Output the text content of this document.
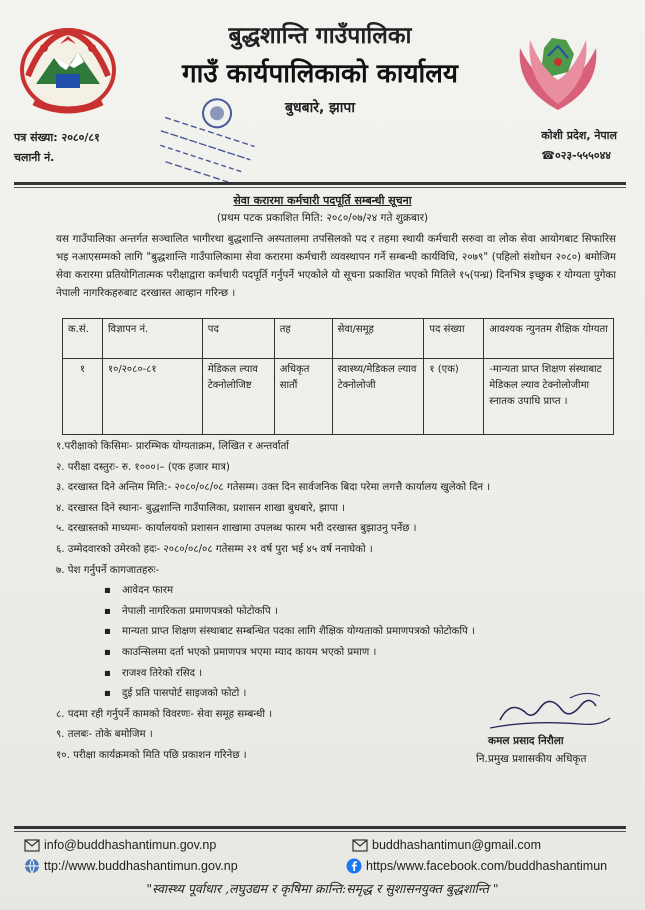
बुद्धशान्ति गाउँपालिका
गाउँ कार्यपालिकाको कार्यालय
बुधबारे, झापा
पत्र संख्या: २०८०/८१
चलानी नं.
कोशी प्रदेश, नेपाल
☎०२३-५५५०४४
सेवा करारमा कर्मचारी पदपूर्ति सम्बन्धी सूचना
(प्रथम पटक प्रकाशित मिति: २०८०/०७/२४ गते शुक्रबार)
यस गाउँपालिका अन्तर्गत सञ्चालित भागीरथा बुद्धशान्ति अस्पतालमा तपसिलको पद र तहमा स्थायी कर्मचारी सरुवा वा लोक सेवा आयोगबाट सिफारिस भइ नआएसम्मको लागि "बुद्धशान्ति गाउँपालिकामा सेवा करारमा कर्मचारी व्यवस्थापन गर्ने सम्बन्धी कार्यविधि, २०७९" (पहिलो संशोधन २०८०) बमोजिम सेवा करारमा प्रतियोगितात्मक परीक्षाद्वारा कर्मचारी पदपूर्ति गर्नुपर्ने भएकोले यो सूचना प्रकाशित भएको मितिले १५(पन्ध्र) दिनभित्र इच्छुक र योग्यता पुगेका नेपाली नागरिकहरुबाट दरखास्त आव्हान गरिन्छ ।
क.सं.	विज्ञापन नं.	पद	तह	सेवा/समूह	पद संख्या	आवश्यक न्युनतम शैक्षिक योग्यता
१	१०/२०८०-८१	मेडिकल ल्याव टेक्नोलोजिष्ट	अधिकृत सातौं	स्वास्थ्य/मेडिकल ल्याव टेक्नोलोजी	१ (एक)	-मान्यता प्राप्त शिक्षण संस्थाबाट मेडिकल ल्याव टेक्नोलोजीमा स्नातक उपाधि प्राप्त ।
१.परीक्षाको किसिमः- प्रारम्भिक योग्यताक्रम, लिखित र अन्तर्वार्ता
२. परीक्षा दस्तुरः- रु. १०००।– (एक हजार मात्र)
३. दरखास्त दिने अन्तिम मिति:- २०८०/०८/०८ गतेसम्म। उक्त दिन सार्वजनिक बिदा परेमा लगत्तै कार्यालय खुलेको दिन ।
४. दरखास्त दिने स्थानः- बुद्धशान्ति गाउँपालिका, प्रशासन शाखा बुधबारे, झापा ।
५. दरखास्तको माध्यमः- कार्यालयको प्रशासन शाखामा उपलब्ध फारम भरी दरखास्त बुझाउनु पर्नेछ ।
६. उम्मेदवारको उमेरको हदः- २०८०/०८/०८ गतेसम्म २१ वर्ष पुरा भई ४५ वर्ष ननाघेको ।
७. पेश गर्नुपर्ने कागजातहरुः-
▪ आवेदन फारम
▪ नेपाली नागरिकता प्रमाणपत्रको फोटोकपि ।
▪ मान्यता प्राप्त शिक्षण संस्थाबाट सम्बन्धित पदका लागि शैक्षिक योग्यताको प्रमाणपत्रको फोटोकपि ।
▪ काउन्सिलमा दर्ता भएको प्रमाणपत्र भएमा म्याद कायम भएको प्रमाण ।
▪ राजश्व तिरेको रसिद ।
▪ दुई प्रति पासपोर्ट साइजको फोटो ।
८. पदमा रही गर्नुपर्ने कामको विवरणः- सेवा समूह सम्बन्धी ।
९. तलबः- तोके बमोजिम ।
१०. परीक्षा कार्यक्रमको मिति पछि प्रकाशन गरिनेछ ।
कमल प्रसाद निरौला
नि.प्रमुख प्रशासकीय अधिकृत
info@buddhashantimun.gov.np	buddhashantimun@gmail.com
ttp://www.buddhashantimun.gov.np	https/www.facebook.com/buddhashantimun
"स्वास्थ्य पूर्वाधार ,लघुउद्यम र कृषिमा क्रान्ति:समृद्ध र सुशासनयुक्त बुद्धशान्ति "
